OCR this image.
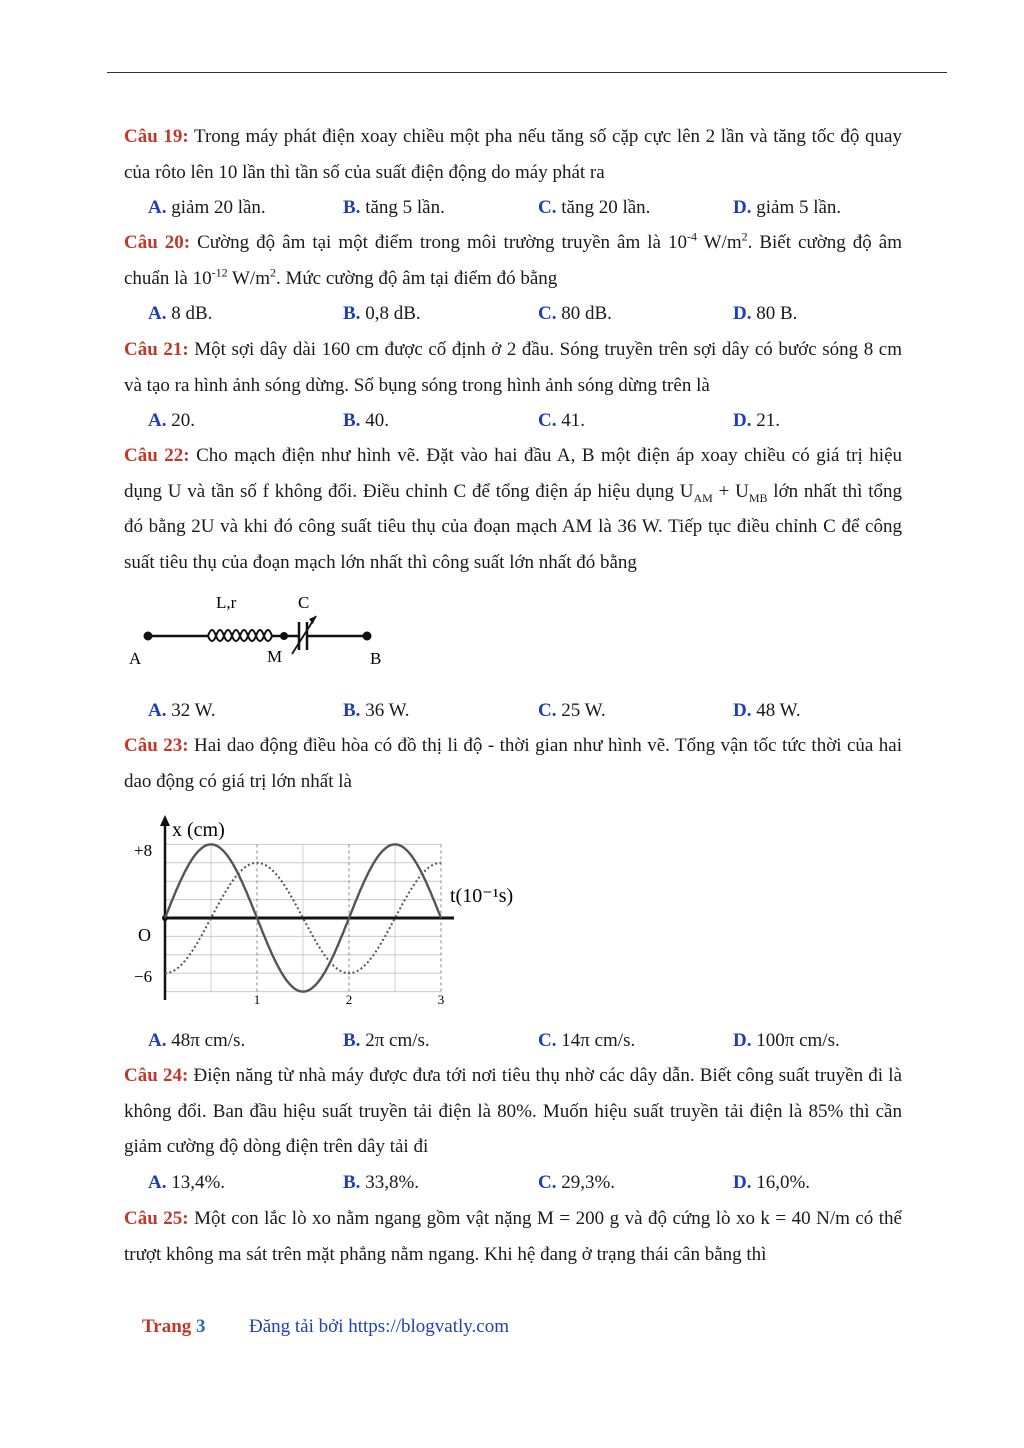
Câu 19: Trong máy phát điện xoay chiều một pha nếu tăng số cặp cực lên 2 lần và tăng tốc độ quay của rôto lên 10 lần thì tần số của suất điện động do máy phát ra
A. giảm 20 lần.	B. tăng 5 lần.	C. tăng 20 lần.	D. giảm 5 lần.
Câu 20: Cường độ âm tại một điểm trong môi trường truyền âm là $10^{-4}$ $W/m^2$. Biết cường độ âm chuẩn là $10^{-12}$ $W/m^2$. Mức cường độ âm tại điểm đó bằng
A. 8 dB.	B. 0,8 dB.	C. 80 dB.	D. 80 B.
Câu 21: Một sợi dây dài 160 cm được cố định ở 2 đầu. Sóng truyền trên sợi dây có bước sóng 8 cm và tạo ra hình ảnh sóng dừng. Số bụng sóng trong hình ảnh sóng dừng trên là
A. 20.	B. 40.	C. 41.	D. 21.
Câu 22: Cho mạch điện như hình vẽ. Đặt vào hai đầu A, B một điện áp xoay chiều có giá trị hiệu dụng U và tần số f không đổi. Điều chỉnh C để tổng điện áp hiệu dụng $U_{AM} + U_{MB}$ lớn nhất thì tổng đó bằng 2U và khi đó công suất tiêu thụ của đoạn mạch AM là 36 W. Tiếp tục điều chỉnh C để công suất tiêu thụ của đoạn mạch lớn nhất thì công suất lớn nhất đó bằng
L,r	C
A	M	B
A. 32 W.	B. 36 W.	C. 25 W.	D. 48 W.
Câu 23: Hai dao động điều hòa có đồ thị li độ - thời gian như hình vẽ. Tổng vận tốc tức thời của hai dao động có giá trị lớn nhất là
x (cm)
t(10⁻¹s)
+8
O
−6
1	2	3
A. 48π cm/s.	B. 2π cm/s.	C. 14π cm/s.	D. 100π cm/s.
Câu 24: Điện năng từ nhà máy được đưa tới nơi tiêu thụ nhờ các dây dẫn. Biết công suất truyền đi là không đổi. Ban đầu hiệu suất truyền tải điện là 80%. Muốn hiệu suất truyền tải điện là 85% thì cần giảm cường độ dòng điện trên dây tải đi
A. 13,4%.	B. 33,8%.	C. 29,3%.	D. 16,0%.
Câu 25: Một con lắc lò xo nằm ngang gồm vật nặng M = 200 g và độ cứng lò xo k = 40 N/m có thể trượt không ma sát trên mặt phẳng nằm ngang. Khi hệ đang ở trạng thái cân bằng thì
Trang 3 Đăng tải bởi https://blogvatly.com
